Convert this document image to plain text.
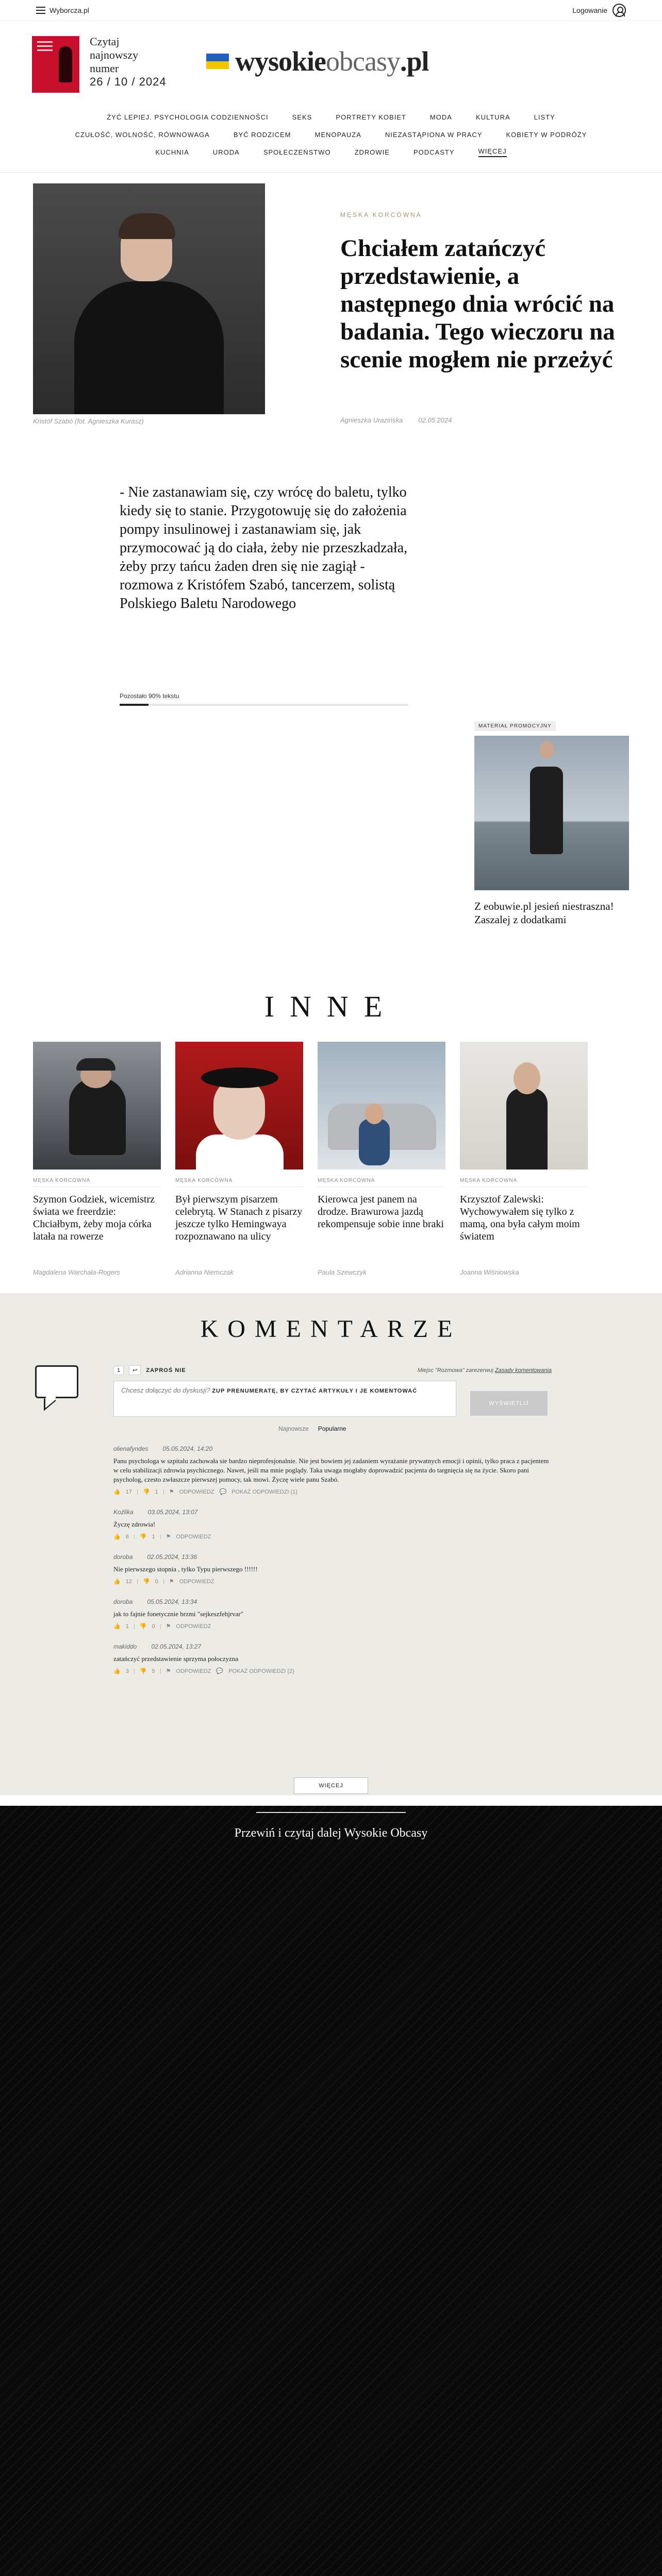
Wyborcza.pl	Logowanie
Czytaj
najnowszy
numer
26 / 10 / 2024
wysokieobcasy.pl
ŻYĆ LEPIEJ. PSYCHOLOGIA CODZIENNOŚCI	SEKS	PORTRETY KOBIET	MODA	KULTURA	LISTY
CZUŁOŚĆ, WOLNOŚĆ, RÓWNOWAGA	BYĆ RODZICEM	MENOPAUZA	NIEZASTĄPIONA W PRACY	KOBIETY W PODRÓŻY
KUCHNIA	URODA	SPOŁECZEŃSTWO	ZDROWIE	PODCASTY	WIĘCEJ
Kristóf Szabó (fot. Agnieszka Kurasz)
MĘSKA KORCÓWNA
Chciałem zatańczyć przedstawienie, a następnego dnia wrócić na badania. Tego wieczoru na scenie mogłem nie przeżyć
Agnieszka Urazińska 02.05.2024

- Nie zastanawiam się, czy wrócę do baletu, tylko kiedy się to stanie. Przygotowuję się do założenia pompy insulinowej i zastanawiam się, jak przymocować ją do ciała, żeby nie przeszkadzała, żeby przy tańcu żaden dren się nie zagiął - rozmowa z Kristófem Szabó, tancerzem, solistą Polskiego Baletu Narodowego

Pozostało 90% tekstu
MATERIAŁ PROMOCYJNY
Z eobuwie.pl jesień niestraszna! Zaszalej z dodatkami
INNE
MĘSKA KORCÓWNA
Szymon Godziek, wicemistrz świata we freerdzie: Chciałbym, żeby moja córka latała na rowerze
Magdalena Warchała-Rogers
MĘSKA KORCÓWNA
Był pierwszym pisarzem celebrytą. W Stanach z pisarzy jeszcze tylko Hemingwaya rozpoznawano na ulicy
Adrianna Niemczak
MĘSKA KORCÓWNA
Kierowca jest panem na drodze. Brawurowa jazdą rekompensuje sobie inne braki
Paula Szewczyk
MĘSKA KORCÓWNA
Krzysztof Zalewski: Wychowywałem się tylko z mamą, ona była całym moim światem
Joanna Wiśniowska
KOMENTARZE
1	↩	ZAPROŚ NIE	Miejsc "Rozmowa" zarezerwuj Zasady komentowania
Chcesz dołączyć do dyskusji? ZUP PRENUMERATĘ, BY CZYTAĆ ARTYKUŁY I JE KOMENTOWAĆ
WYŚWIETLIJ
Najnowsze Popularne
olienafyndes 05.05.2024, 14:20
Panu psychologa w szpitalu zachowała sie bardzo nieprofesjonalnie. Nie jest bowiem jej zadaniem wyrażanie prywatnych emocji i opinii, tylko praca z pacjentem w celu stabilizacji zdrowia psychicznego. Nawet, jeśli ma mnie poglądy. Taka uwaga mogłaby doprowadzić pacjenta do targnięcia się na życie. Skoro pani psycholog, czesto zwłaszcze pierwszej pomocy, tak mowi. Życzę wiele panu Szabó.
👍 17 👎 1 ⚑ ODPOWIEDZ 💬 POKAŻ ODPOWIEDZI (1)
Koźlika 03.05.2024, 13:07
Życzę zdrowia!
👍 6 👎 1 ⚑ ODPOWIEDZ
doroba 02.05.2024, 13:36
Nie pierwszego stopnia , tylko Typu pierwszego !!!!!!
👍 12 👎 0 ⚑ ODPOWIEDZ
doroba 05.05.2024, 13:34
jak to fajnie fonetycznie brzmi "sejkeszfehjrvar"
👍 1 👎 0 ⚑ ODPOWIEDZ
makiddo 02.05.2024, 13:27
zatańczyć przedstawienie sprzyma połoczyzna
👍 3 👎 5 ⚑ ODPOWIEDZ 💬 POKAŻ ODPOWIEDZI (2)
WIĘCEJ
Przewiń i czytaj dalej Wysokie Obcasy
